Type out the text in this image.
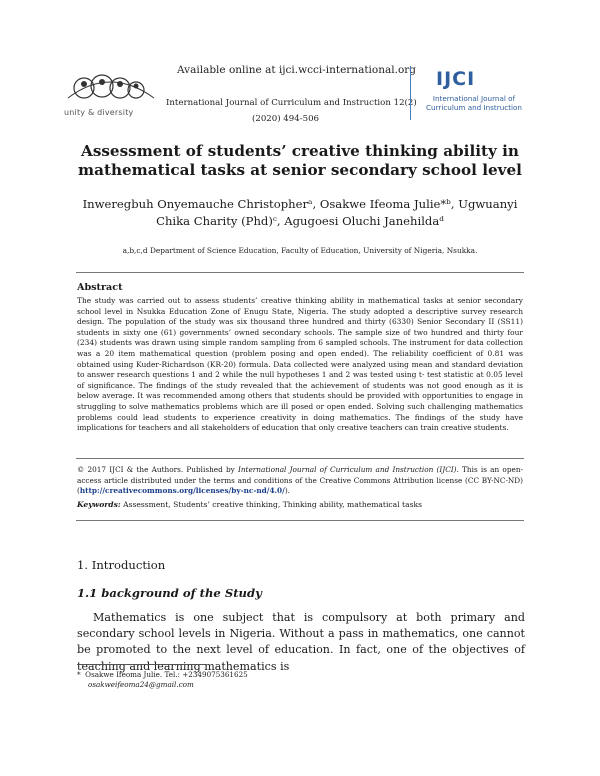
unity & diversity
Available online at ijci.wcci-international.org
International Journal of Curriculum and Instruction 12(2)
(2020) 494-506
IJCI
International Journal of Curriculum and Instruction
Assessment of students’ creative thinking ability in mathematical tasks at senior secondary school level
Inweregbuh Onyemauche Christopherᵃ, Osakwe Ifeoma Julie*ᵇ, Ugwuanyi Chika Charity (Phd)ᶜ, Agugoesi Oluchi Janehildaᵈ
a,b,c,d Department of Science Education, Faculty of Education, University of Nigeria, Nsukka.
Abstract
The study was carried out to assess students’ creative thinking ability in mathematical tasks at senior secondary school level in Nsukka Education Zone of Enugu State, Nigeria. The study adopted a descriptive survey research design. The population of the study was six thousand three hundred and thirty (6330) Senior Secondary II (SS11) students in sixty one (61) governments’ owned secondary schools. The sample size of two hundred and thirty four (234) students was drawn using simple random sampling from 6 sampled schools. The instrument for data collection was a 20 item mathematical question (problem posing and open ended). The reliability coefficient of 0.81 was obtained using Kuder-Richardson (KR-20) formula. Data collected were analyzed using mean and standard deviation to answer research questions 1 and 2 while the null hypotheses 1 and 2 was tested using t- test statistic at 0.05 level of significance. The findings of the study revealed that the achievement of students was not good enough as it is below average. It was recommended among others that students should be provided with opportunities to engage in struggling to solve mathematics problems which are ill posed or open ended. Solving such challenging mathematics problems could lead students to experience creativity in doing mathematics. The findings of the study have implications for teachers and all stakeholders of education that only creative teachers can train creative students.
© 2017 IJCI & the Authors. Published by International Journal of Curriculum and Instruction (IJCI). This is an open-access article distributed under the terms and conditions of the Creative Commons Attribution license (CC BY-NC-ND) (http://creativecommons.org/licenses/by-nc-nd/4.0/).
Keywords: Assessment, Students’ creative thinking, Thinking ability, mathematical tasks
1. Introduction
1.1 background of the Study
Mathematics is one subject that is compulsory at both primary and secondary school levels in Nigeria. Without a pass in mathematics, one cannot be promoted to the next level of education. In fact, one of the objectives of teaching and learning mathematics is
* Osakwe Ifeoma Julie. Tel.: +2349075361625
osakweifeoma24@gmail.com
